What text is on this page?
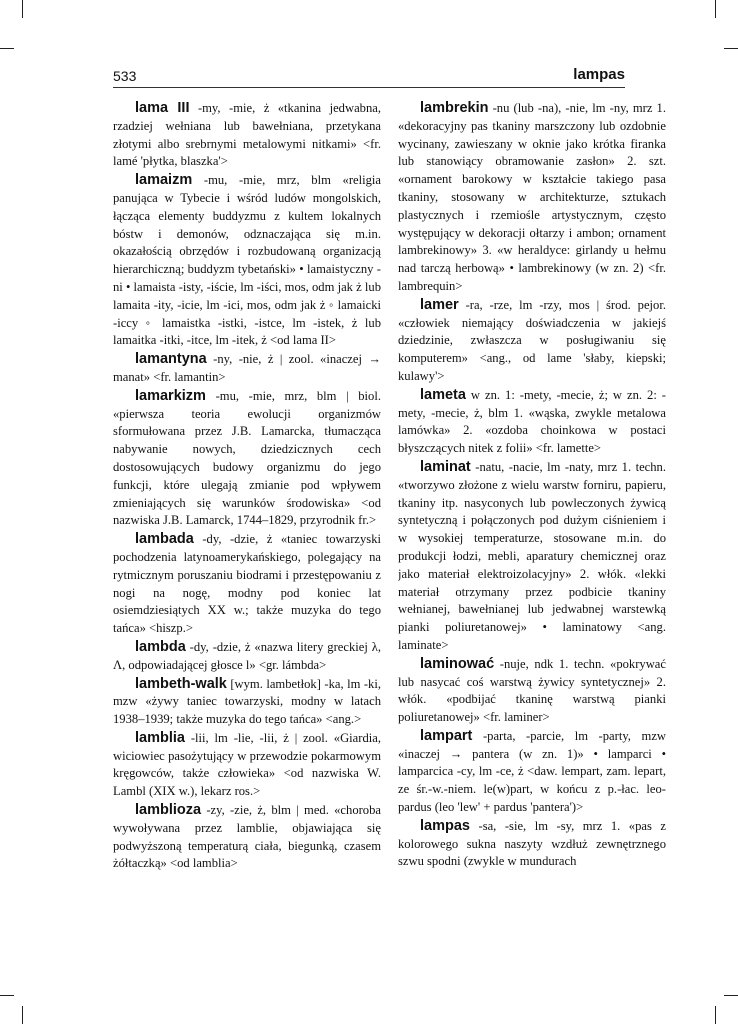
533	lampas

lama III -my, -mie, ż «tkanina jedwabna, rzadziej wełniana lub bawełniana, przetykana złotymi albo srebrnymi metalowymi nitkami» <fr. lamé 'płytka, blaszka'>

lamaizm -mu, -mie, mrz, blm «religia panująca w Tybecie i wśród ludów mongolskich, łącząca elementy buddyzmu z kultem lokalnych bóstw i demonów, odznaczająca się m.in. okazałością obrzędów i rozbudowaną organizacją hierarchiczną; buddyzm tybetański» • lamaistyczny -ni • lamaista -isty, -iście, lm -iści, mos, odm jak ż lub lamaita -ity, -icie, lm -ici, mos, odm jak ż ◦ lamaicki -iccy ◦ lamaistka -istki, -istce, lm -istek, ż lub lamaitka -itki, -itce, lm -itek, ż <od lama II>

lamantyna -ny, -nie, ż | zool. «inaczej → manat» <fr. lamantin>

lamarkizm -mu, -mie, mrz, blm | biol. «pierwsza teoria ewolucji organizmów sformułowana przez J.B. Lamarcka, tłumacząca nabywanie nowych, dziedzicznych cech dostosowujących budowy organizmu do jego funkcji, które ulegają zmianie pod wpływem zmieniających się warunków środowiska» <od nazwiska J.B. Lamarck, 1744–1829, przyrodnik fr.>

lambada -dy, -dzie, ż «taniec towarzyski pochodzenia latynoamerykańskiego, polegający na rytmicznym poruszaniu biodrami i przestępowaniu z nogi na nogę, modny pod koniec lat osiemdziesiątych XX w.; także muzyka do tego tańca» <hiszp.>

lambda -dy, -dzie, ż «nazwa litery greckiej λ, Λ, odpowiadającej głosce l» <gr. lámbda>

lambeth-walk [wym. lambetłok] -ka, lm -ki, mzw «żywy taniec towarzyski, modny w latach 1938–1939; także muzyka do tego tańca» <ang.>

lamblia -lii, lm -lie, -lii, ż | zool. «Giardia, wiciowiec pasożytujący w przewodzie pokarmowym kręgowców, także człowieka» <od nazwiska W. Lambl (XIX w.), lekarz ros.>

lamblioza -zy, -zie, ż, blm | med. «choroba wywoływana przez lamblie, objawiająca się podwyższoną temperaturą ciała, biegunką, czasem żółtaczką» <od lamblia>

lambrekin -nu (lub -na), -nie, lm -ny, mrz 1. «dekoracyjny pas tkaniny marszczony lub ozdobnie wycinany, zawieszany w oknie jako krótka firanka lub stanowiący obramowanie zasłon» 2. szt. «ornament barokowy w kształcie takiego pasa tkaniny, stosowany w architekturze, sztukach plastycznych i rzemiośle artystycznym, często występujący w dekoracji ołtarzy i ambon; ornament lambrekinowy» 3. «w heraldyce: girlandy u hełmu nad tarczą herbową» • lambrekinowy (w zn. 2) <fr. lambrequin>

lamer -ra, -rze, lm -rzy, mos | środ. pejor. «człowiek niemający doświadczenia w jakiejś dziedzinie, zwłaszcza w posługiwaniu się komputerem» <ang., od lame 'słaby, kiepski; kulawy'>

lameta w zn. 1: -mety, -mecie, ż; w zn. 2: -mety, -mecie, ż, blm 1. «wąska, zwykle metalowa lamówka» 2. «ozdoba choinkowa w postaci błyszczących nitek z folii» <fr. lamette>

laminat -natu, -nacie, lm -naty, mrz 1. techn. «tworzywo złożone z wielu warstw forniru, papieru, tkaniny itp. nasyconych lub powleczonych żywicą syntetyczną i połączonych pod dużym ciśnieniem i w wysokiej temperaturze, stosowane m.in. do produkcji łodzi, mebli, aparatury chemicznej oraz jako materiał elektroizolacyjny» 2. włók. «lekki materiał otrzymany przez podbicie tkaniny wełnianej, bawełnianej lub jedwabnej warstewką pianki poliuretanowej» • laminatowy <ang. laminate>

laminować -nuje, ndk 1. techn. «pokrywać lub nasycać coś warstwą żywicy syntetycznej» 2. włók. «podbijać tkaninę warstwą pianki poliuretanowej» <fr. laminer>

lampart -parta, -parcie, lm -party, mzw «inaczej → pantera (w zn. 1)» • lamparci • lamparcica -cy, lm -ce, ż <daw. lempart, zam. lepart, ze śr.-w.-niem. le(w)part, w końcu z p.-łac. leo-pardus (leo 'lew' + pardus 'pantera')>

lampas -sa, -sie, lm -sy, mrz 1. «pas z kolorowego sukna naszyty wzdłuż zewnętrznego szwu spodni (zwykle w mundurach
